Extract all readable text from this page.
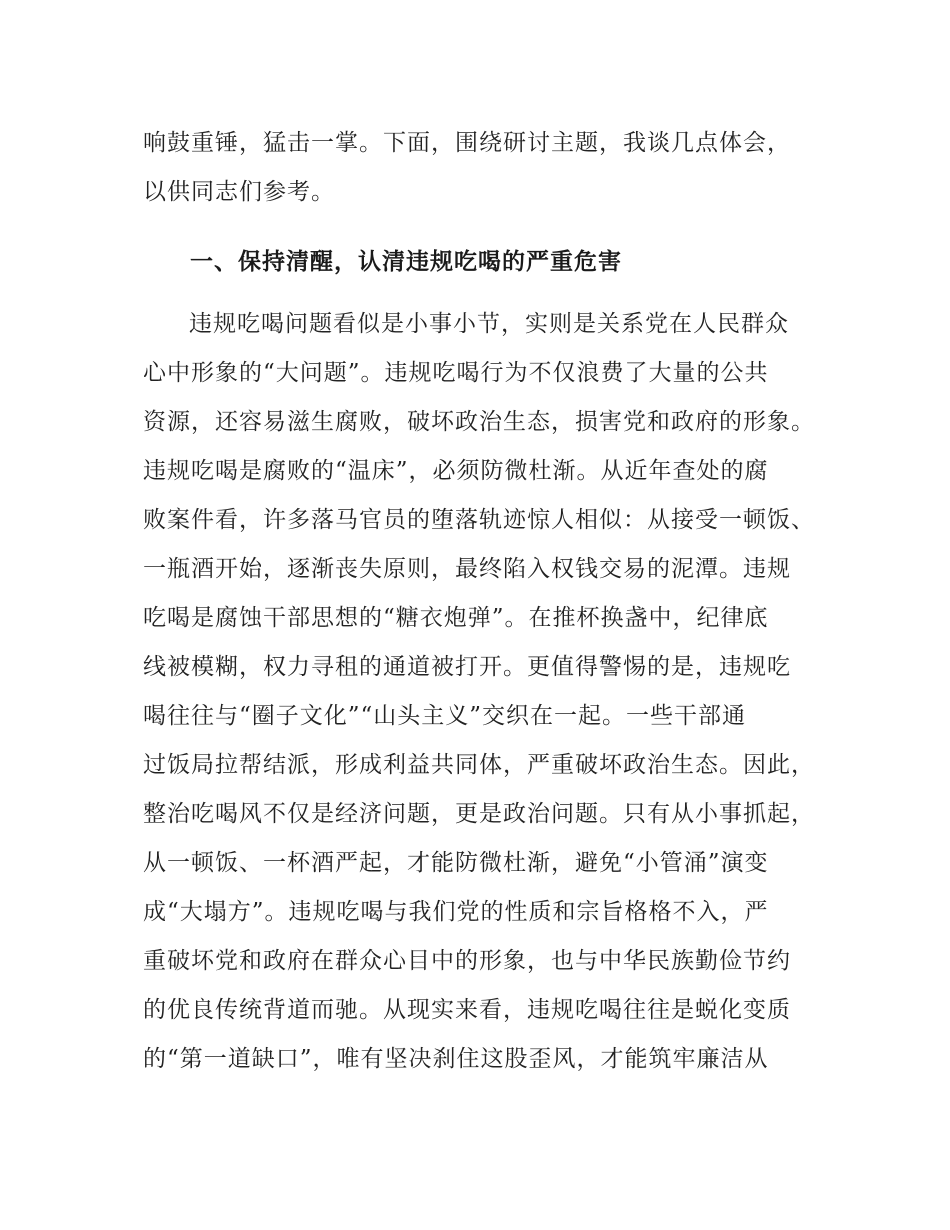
响鼓重锤，猛击一掌。下面，围绕研讨主题，我谈几点体会，
以供同志们参考。
一、保持清醒，认清违规吃喝的严重危害
违规吃喝问题看似是小事小节，实则是关系党在人民群众
心中形象的“大问题”。违规吃喝行为不仅浪费了大量的公共
资源，还容易滋生腐败，破坏政治生态，损害党和政府的形象。
违规吃喝是腐败的“温床”，必须防微杜渐。从近年查处的腐
败案件看，许多落马官员的堕落轨迹惊人相似：从接受一顿饭、
一瓶酒开始，逐渐丧失原则，最终陷入权钱交易的泥潭。违规
吃喝是腐蚀干部思想的“糖衣炮弹”。在推杯换盏中，纪律底
线被模糊，权力寻租的通道被打开。更值得警惕的是，违规吃
喝往往与“圈子文化”“山头主义”交织在一起。一些干部通
过饭局拉帮结派，形成利益共同体，严重破坏政治生态。因此，
整治吃喝风不仅是经济问题，更是政治问题。只有从小事抓起，
从一顿饭、一杯酒严起，才能防微杜渐，避免“小管涌”演变
成“大塌方”。违规吃喝与我们党的性质和宗旨格格不入，严
重破坏党和政府在群众心目中的形象，也与中华民族勤俭节约
的优良传统背道而驰。从现实来看，违规吃喝往往是蜕化变质
的“第一道缺口”，唯有坚决刹住这股歪风，才能筑牢廉洁从
